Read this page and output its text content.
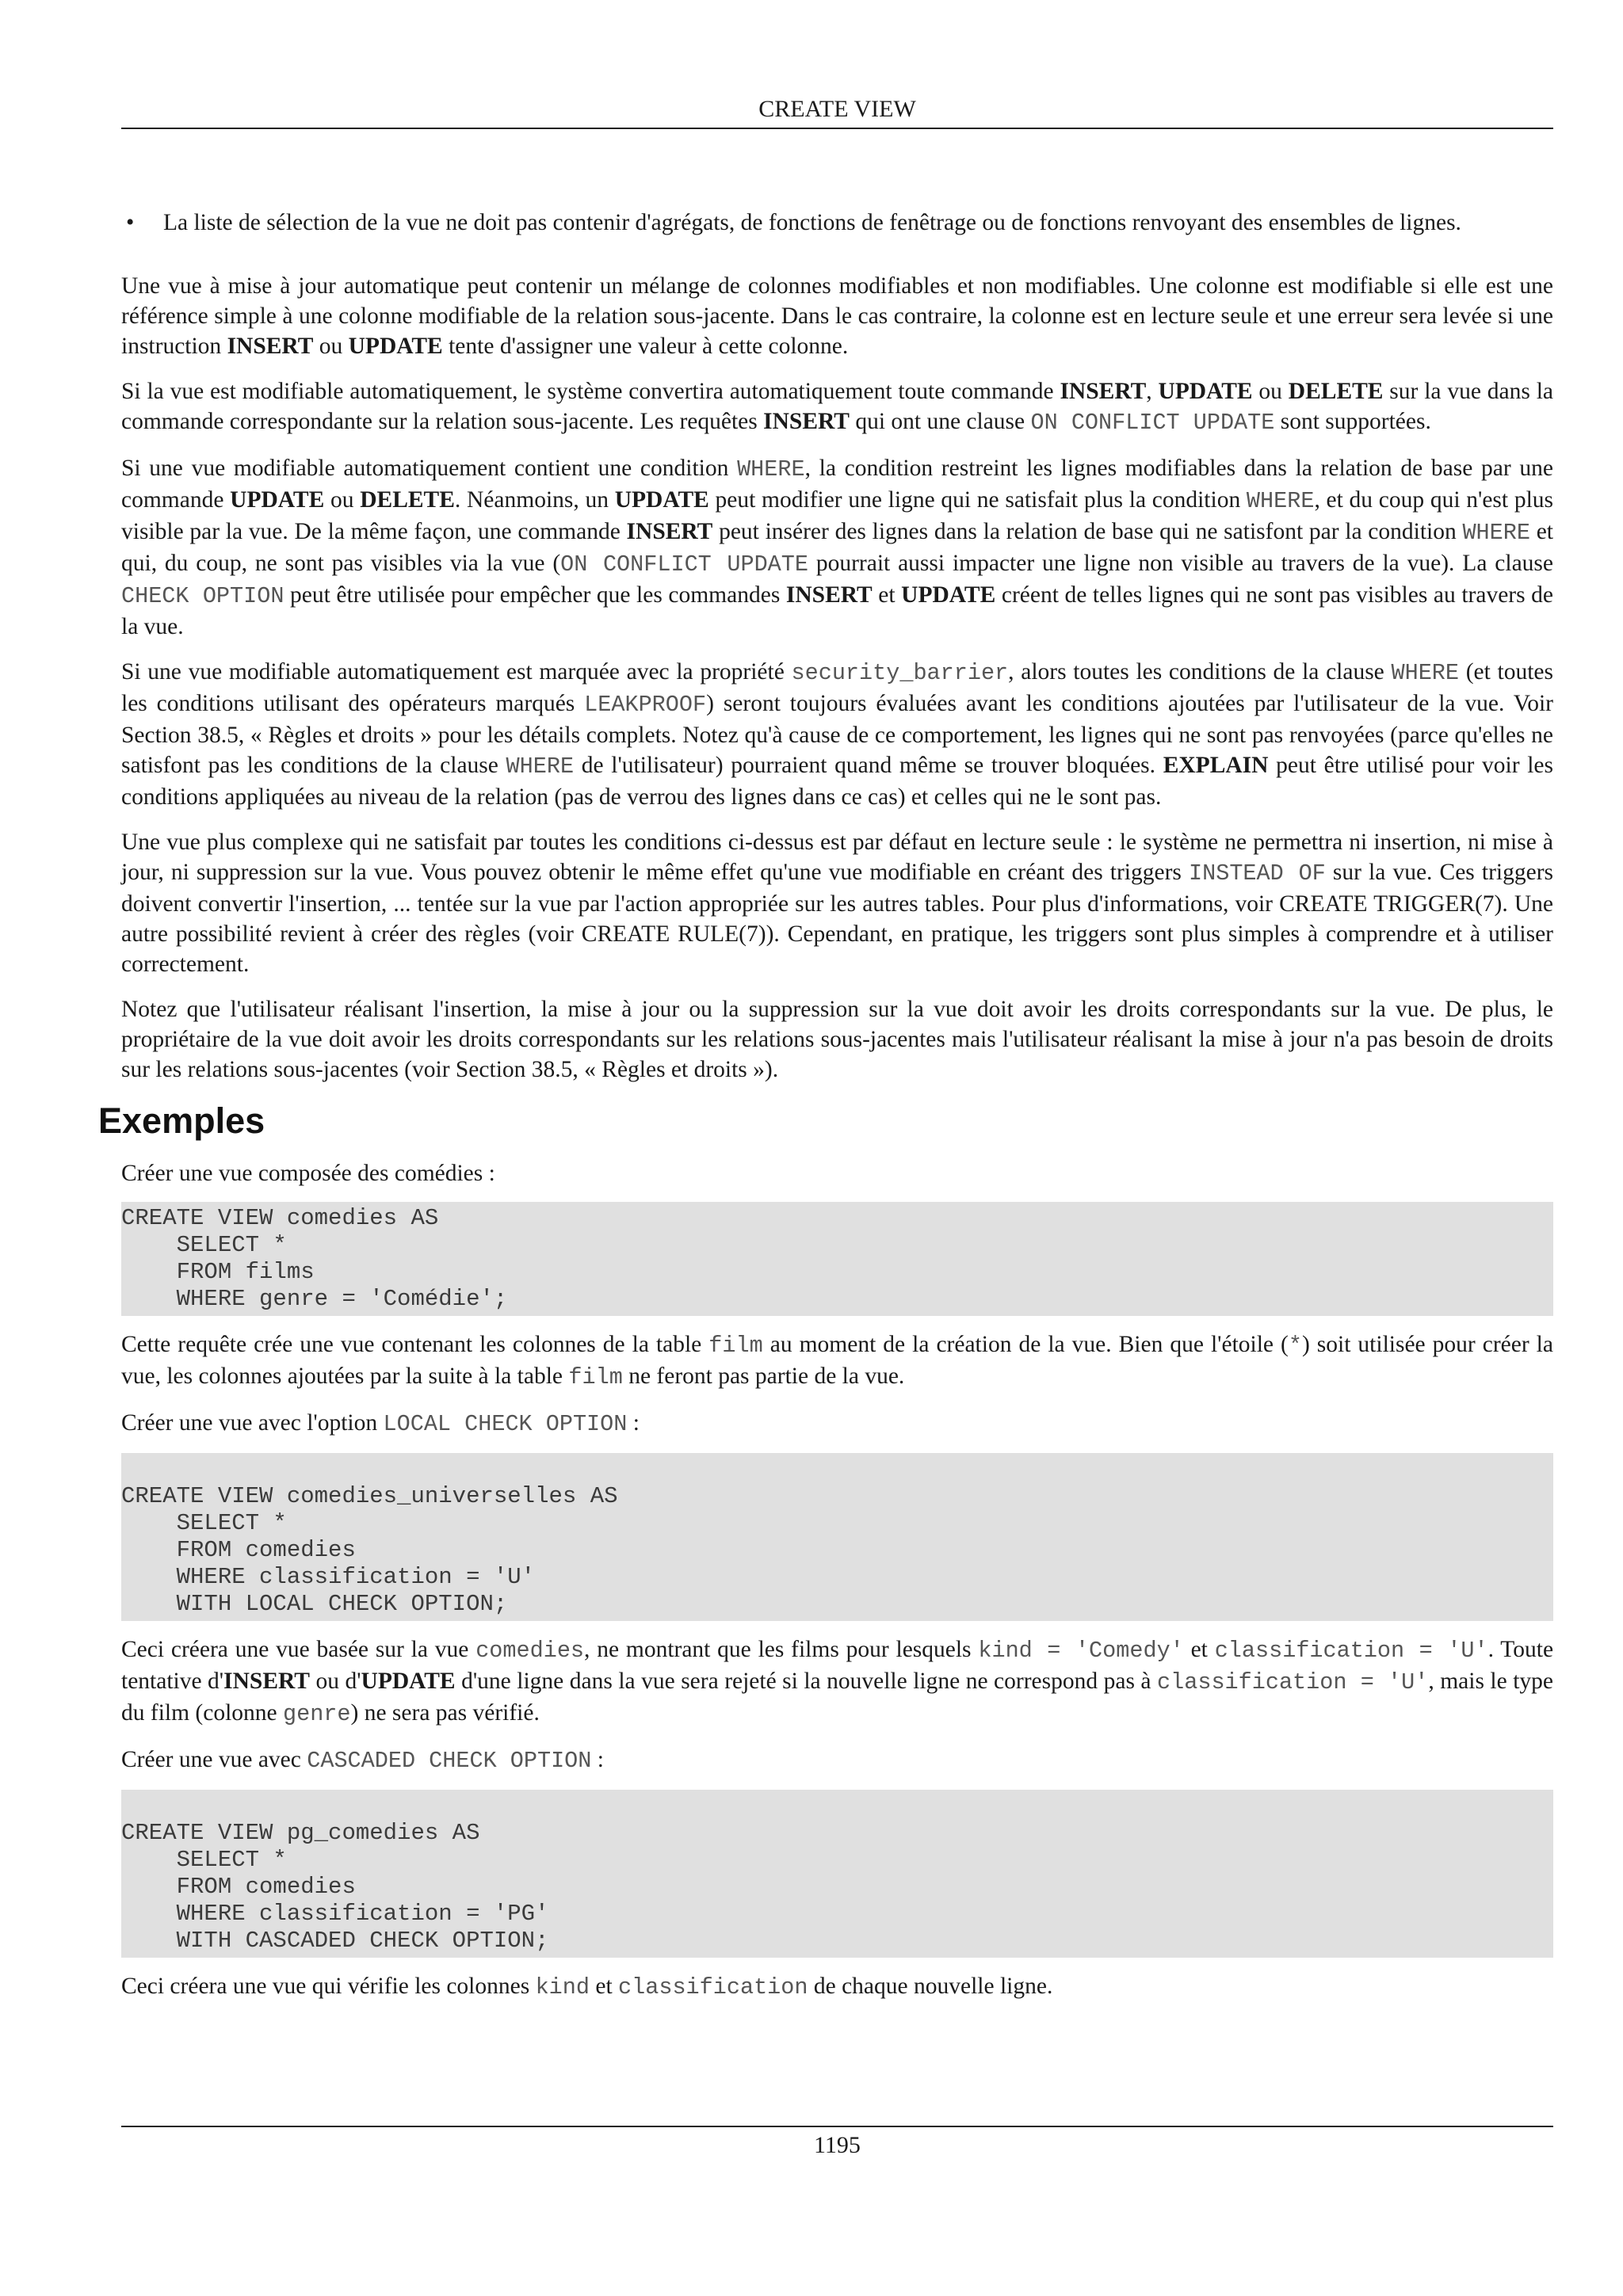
CREATE VIEW
• La liste de sélection de la vue ne doit pas contenir d'agrégats, de fonctions de fenêtrage ou de fonctions renvoyant des ensembles de lignes.

Une vue à mise à jour automatique peut contenir un mélange de colonnes modifiables et non modifiables. Une colonne est modifiable si elle est une référence simple à une colonne modifiable de la relation sous-jacente. Dans le cas contraire, la colonne est en lecture seule et une erreur sera levée si une instruction INSERT ou UPDATE tente d'assigner une valeur à cette colonne.

Si la vue est modifiable automatiquement, le système convertira automatiquement toute commande INSERT, UPDATE ou DELETE sur la vue dans la commande correspondante sur la relation sous-jacente. Les requêtes INSERT qui ont une clause ON CONFLICT UPDATE sont supportées.

Si une vue modifiable automatiquement contient une condition WHERE, la condition restreint les lignes modifiables dans la relation de base par une commande UPDATE ou DELETE. Néanmoins, un UPDATE peut modifier une ligne qui ne satisfait plus la condition WHERE, et du coup qui n'est plus visible par la vue. De la même façon, une commande INSERT peut insérer des lignes dans la relation de base qui ne satisfont par la condition WHERE et qui, du coup, ne sont pas visibles via la vue (ON CONFLICT UPDATE pourrait aussi impacter une ligne non visible au travers de la vue). La clause CHECK OPTION peut être utilisée pour empêcher que les commandes INSERT et UPDATE créent de telles lignes qui ne sont pas visibles au travers de la vue.

Si une vue modifiable automatiquement est marquée avec la propriété security_barrier, alors toutes les conditions de la clause WHERE (et toutes les conditions utilisant des opérateurs marqués LEAKPROOF) seront toujours évaluées avant les conditions ajoutées par l'utilisateur de la vue. Voir Section 38.5, « Règles et droits » pour les détails complets. Notez qu'à cause de ce comportement, les lignes qui ne sont pas renvoyées (parce qu'elles ne satisfont pas les conditions de la clause WHERE de l'utilisateur) pourraient quand même se trouver bloquées. EXPLAIN peut être utilisé pour voir les conditions appliquées au niveau de la relation (pas de verrou des lignes dans ce cas) et celles qui ne le sont pas.

Une vue plus complexe qui ne satisfait par toutes les conditions ci-dessus est par défaut en lecture seule : le système ne permettra ni insertion, ni mise à jour, ni suppression sur la vue. Vous pouvez obtenir le même effet qu'une vue modifiable en créant des triggers INSTEAD OF sur la vue. Ces triggers doivent convertir l'insertion, ... tentée sur la vue par l'action appropriée sur les autres tables. Pour plus d'informations, voir CREATE TRIGGER(7). Une autre possibilité revient à créer des règles (voir CREATE RULE(7)). Cependant, en pratique, les triggers sont plus simples à comprendre et à utiliser correctement.

Notez que l'utilisateur réalisant l'insertion, la mise à jour ou la suppression sur la vue doit avoir les droits correspondants sur la vue. De plus, le propriétaire de la vue doit avoir les droits correspondants sur les relations sous-jacentes mais l'utilisateur réalisant la mise à jour n'a pas besoin de droits sur les relations sous-jacentes (voir Section 38.5, « Règles et droits »).

Exemples

Créer une vue composée des comédies :

CREATE VIEW comedies AS
SELECT *
FROM films
WHERE genre = 'Comédie';

Cette requête crée une vue contenant les colonnes de la table film au moment de la création de la vue. Bien que l'étoile (*) soit utilisée pour créer la vue, les colonnes ajoutées par la suite à la table film ne feront pas partie de la vue.

Créer une vue avec l'option LOCAL CHECK OPTION :

CREATE VIEW comedies_universelles AS
SELECT *
FROM comedies
WHERE classification = 'U'
WITH LOCAL CHECK OPTION;

Ceci créera une vue basée sur la vue comedies, ne montrant que les films pour lesquels kind = 'Comedy' et classification = 'U'. Toute tentative d'INSERT ou d'UPDATE d'une ligne dans la vue sera rejeté si la nouvelle ligne ne correspond pas à classification = 'U', mais le type du film (colonne genre) ne sera pas vérifié.

Créer une vue avec CASCADED CHECK OPTION :

CREATE VIEW pg_comedies AS
SELECT *
FROM comedies
WHERE classification = 'PG'
WITH CASCADED CHECK OPTION;

Ceci créera une vue qui vérifie les colonnes kind et classification de chaque nouvelle ligne.

1195
